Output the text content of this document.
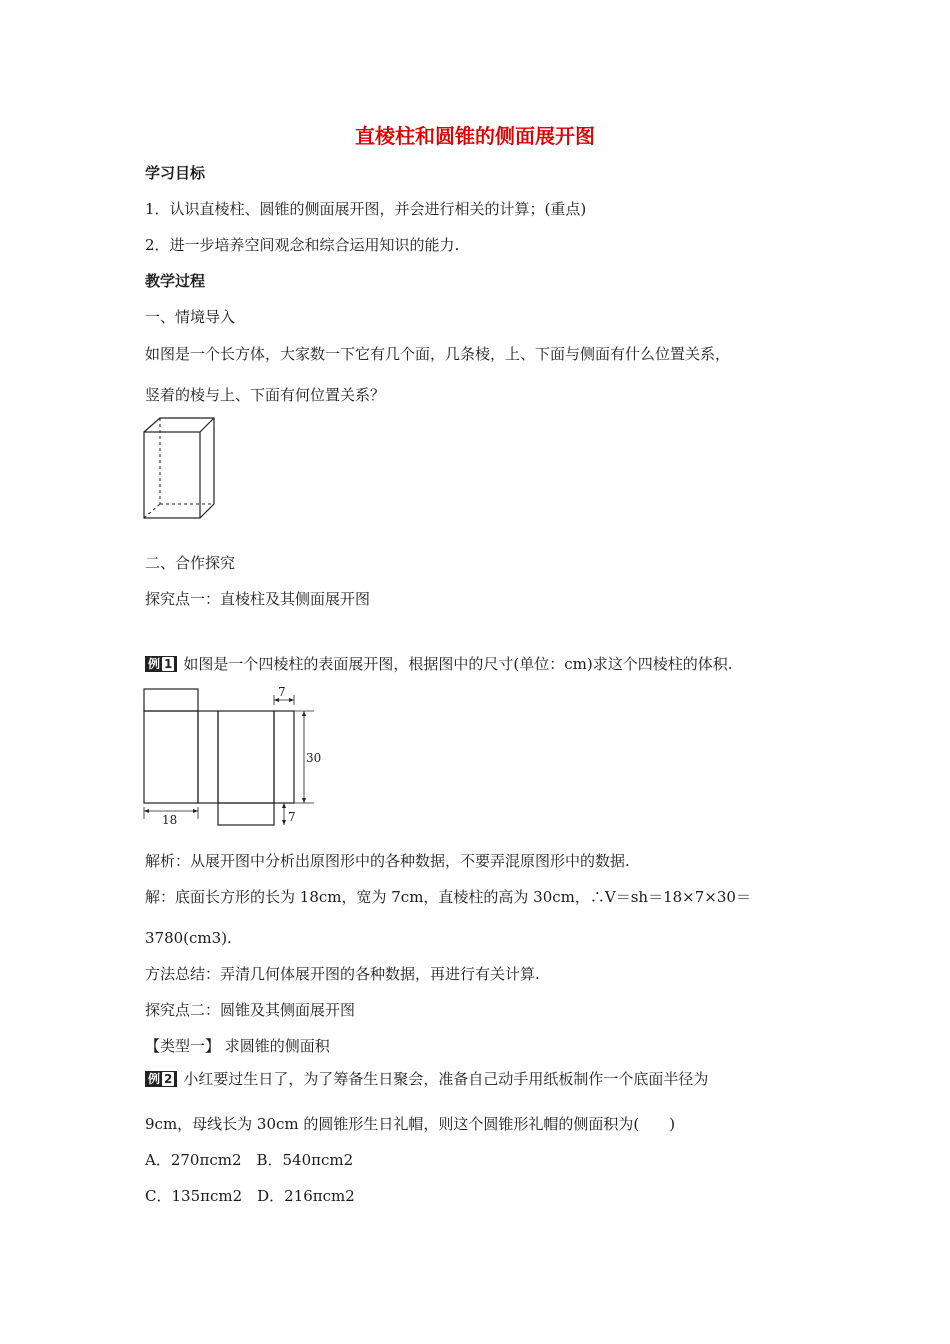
直棱柱和圆锥的侧面展开图
学习目标
1．认识直棱柱、圆锥的侧面展开图，并会进行相关的计算；(重点)
2．进一步培养空间观念和综合运用知识的能力.
教学过程
一、情境导入
如图是一个长方体，大家数一下它有几个面，几条棱，上、下面与侧面有什么位置关系，
竖着的棱与上、下面有何位置关系？
二、合作探究
探究点一：直棱柱及其侧面展开图
例 1 如图是一个四棱柱的表面展开图，根据图中的尺寸(单位：cm)求这个四棱柱的体积.
7
30
18	7
解析：从展开图中分析出原图形中的各种数据，不要弄混原图形中的数据.
解：底面长方形的长为 18cm，宽为 7cm，直棱柱的高为 30cm，∴V＝sh＝18×7×30＝
3780(cm3).
方法总结：弄清几何体展开图的各种数据，再进行有关计算.
探究点二：圆锥及其侧面展开图
【类型一】 求圆锥的侧面积
例 2 小红要过生日了，为了筹备生日聚会，准备自己动手用纸板制作一个底面半径为
9cm，母线长为 30cm 的圆锥形生日礼帽，则这个圆锥形礼帽的侧面积为(　　)
A．270πcm2　B．540πcm2
C．135πcm2　D．216πcm2
